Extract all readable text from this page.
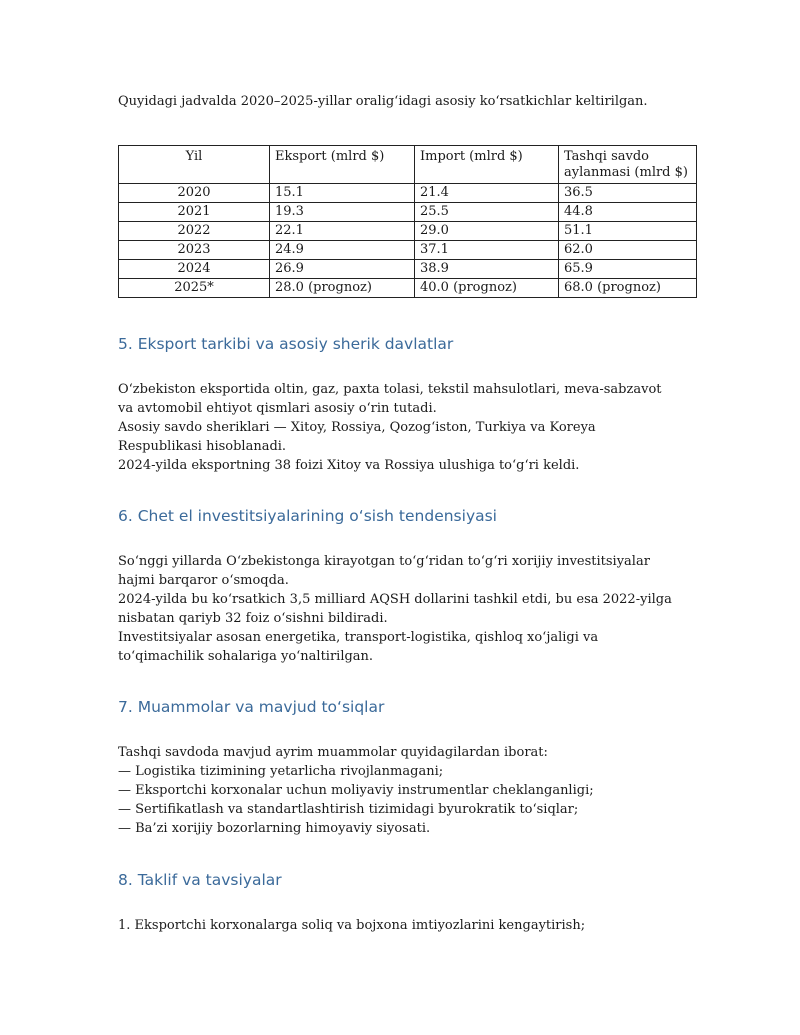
Quyidagi jadvalda 2020–2025-yillar oralig‘idagi asosiy ko‘rsatkichlar keltirilgan.
Yil	Eksport (mlrd $)	Import (mlrd $)	Tashqi savdo aylanmasi (mlrd $)
2020	15.1	21.4	36.5
2021	19.3	25.5	44.8
2022	22.1	29.0	51.1
2023	24.9	37.1	62.0
2024	26.9	38.9	65.9
2025*	28.0 (prognoz)	40.0 (prognoz)	68.0 (prognoz)
5. Eksport tarkibi va asosiy sherik davlatlar

O‘zbekiston eksportida oltin, gaz, paxta tolasi, tekstil mahsulotlari, meva-sabzavot va avtomobil ehtiyot qismlari asosiy o‘rin tutadi.

Asosiy savdo sheriklari — Xitoy, Rossiya, Qozog‘iston, Turkiya va Koreya Respublikasi hisoblanadi.

2024-yilda eksportning 38 foizi Xitoy va Rossiya ulushiga to‘g‘ri keldi.

6. Chet el investitsiyalarining o‘sish tendensiyasi

So‘nggi yillarda O‘zbekistonga kirayotgan to‘g‘ridan to‘g‘ri xorijiy investitsiyalar hajmi barqaror o‘smoqda.

2024-yilda bu ko‘rsatkich 3,5 milliard AQSH dollarini tashkil etdi, bu esa 2022-yilga nisbatan qariyb 32 foiz o‘sishni bildiradi.

Investitsiyalar asosan energetika, transport-logistika, qishloq xo‘jaligi va to‘qimachilik sohalariga yo‘naltirilgan.

7. Muammolar va mavjud to‘siqlar

Tashqi savdoda mavjud ayrim muammolar quyidagilardan iborat:

— Logistika tizimining yetarlicha rivojlanmagani;

— Eksportchi korxonalar uchun moliyaviy instrumentlar cheklanganligi;

— Sertifikatlash va standartlashtirish tizimidagi byurokratik to‘siqlar;

— Ba’zi xorijiy bozorlarning himoyaviy siyosati.

8. Taklif va tavsiyalar

1. Eksportchi korxonalarga soliq va bojxona imtiyozlarini kengaytirish;
